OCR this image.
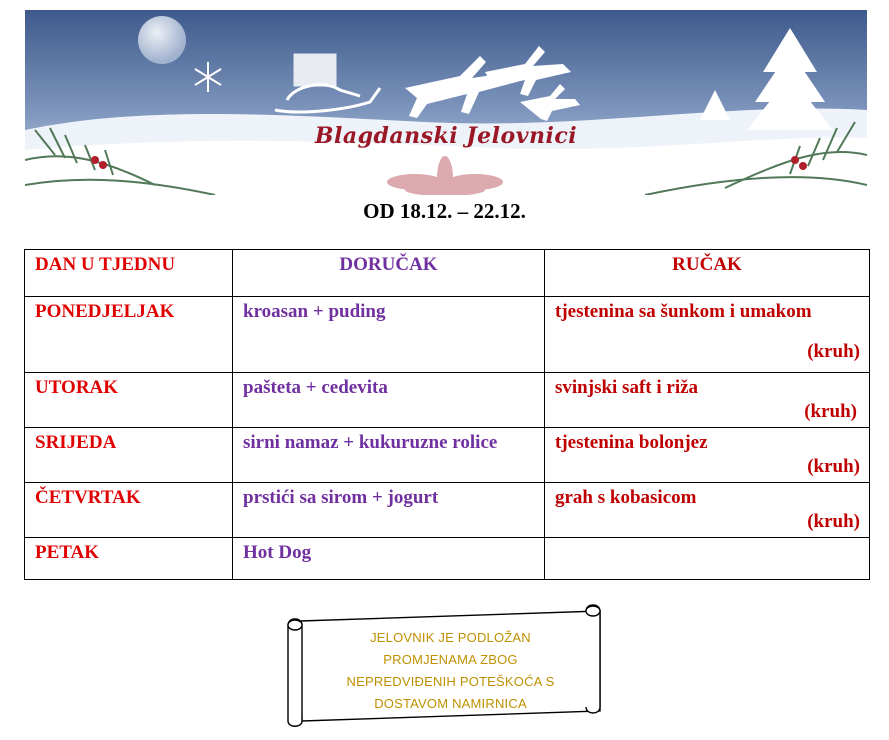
Blagdanski Jelovnici
OD 18.12. – 22.12.
DAN U TJEDNU	DORUČAK	RUČAK
PONEDJELJAK	kroasan + puding	tjestenina sa šunkom i umakom
(kruh)

UTORAK	pašteta + cedevita	svinjski saft i riža
(kruh)

SRIJEDA	sirni namaz + kukuruzne rolice	tjestenina bolonjez
(kruh)

ČETVRTAK	prstići sa sirom + jogurt	grah s kobasicom
(kruh)

PETAK	Hot Dog	
JELOVNIK JE PODLOŽAN
PROMJENAMA ZBOG
NEPREDVIĐENIH POTEŠKOĆA S
DOSTAVOM NAMIRNICA
